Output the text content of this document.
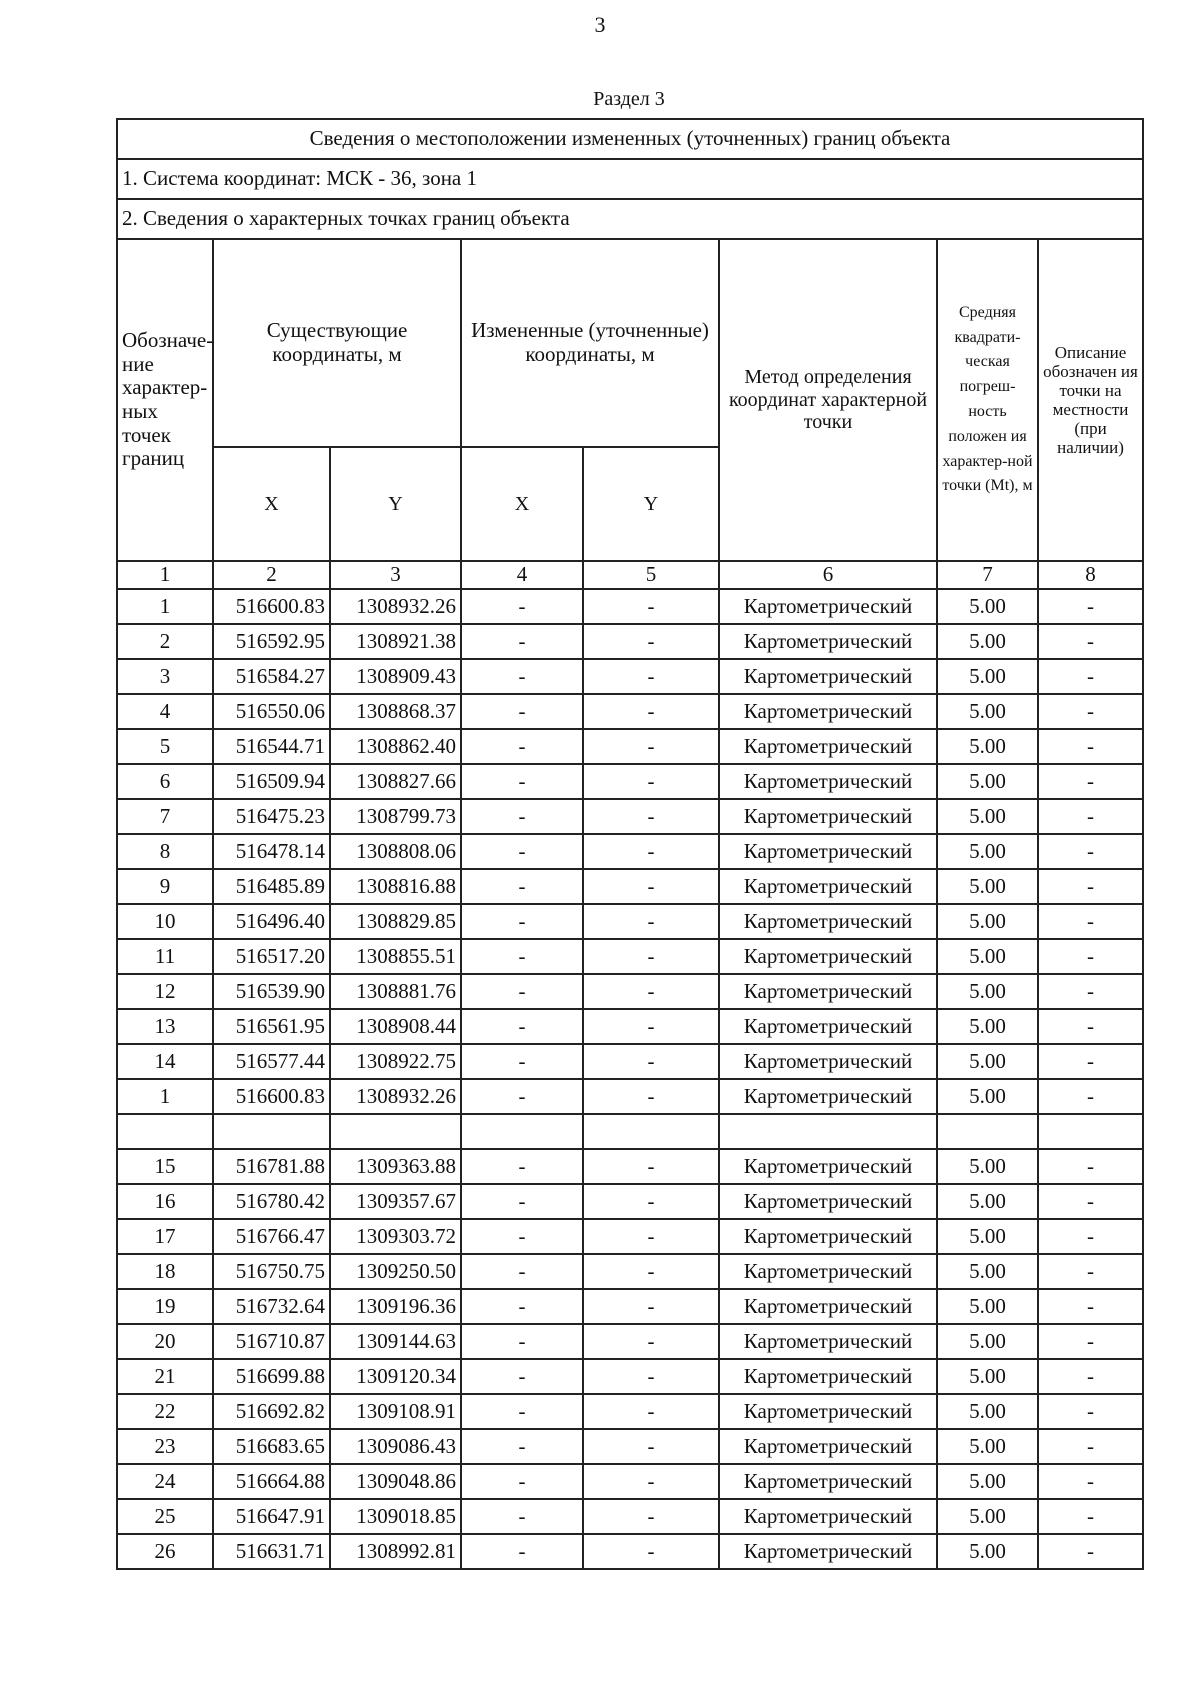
3
Раздел 3
Сведения о местоположении измененных (уточненных) границ объекта							
1. Система координат: МСК - 36, зона 1							
2. Сведения о характерных точках границ объекта							
Обозначе-ние характер-ных точек границ	Существующие координаты, м		Измененные (уточненные) координаты, м		Метод определения координат характерной точки	Средняя квадрати-ческая погреш-ность положен ия характер-ной точки (Mt), м	Описание обозначен ия точки на местности (при наличии)
	X	Y	X	Y			
1	2	3	4	5	6	7	8
1	516600.83	1308932.26	-	-	Картометрический	5.00	-
2	516592.95	1308921.38	-	-	Картометрический	5.00	-
3	516584.27	1308909.43	-	-	Картометрический	5.00	-
4	516550.06	1308868.37	-	-	Картометрический	5.00	-
5	516544.71	1308862.40	-	-	Картометрический	5.00	-
6	516509.94	1308827.66	-	-	Картометрический	5.00	-
7	516475.23	1308799.73	-	-	Картометрический	5.00	-
8	516478.14	1308808.06	-	-	Картометрический	5.00	-
9	516485.89	1308816.88	-	-	Картометрический	5.00	-
10	516496.40	1308829.85	-	-	Картометрический	5.00	-
11	516517.20	1308855.51	-	-	Картометрический	5.00	-
12	516539.90	1308881.76	-	-	Картометрический	5.00	-
13	516561.95	1308908.44	-	-	Картометрический	5.00	-
14	516577.44	1308922.75	-	-	Картометрический	5.00	-
1	516600.83	1308932.26	-	-	Картометрический	5.00	-

15	516781.88	1309363.88	-	-	Картометрический	5.00	-
16	516780.42	1309357.67	-	-	Картометрический	5.00	-
17	516766.47	1309303.72	-	-	Картометрический	5.00	-
18	516750.75	1309250.50	-	-	Картометрический	5.00	-
19	516732.64	1309196.36	-	-	Картометрический	5.00	-
20	516710.87	1309144.63	-	-	Картометрический	5.00	-
21	516699.88	1309120.34	-	-	Картометрический	5.00	-
22	516692.82	1309108.91	-	-	Картометрический	5.00	-
23	516683.65	1309086.43	-	-	Картометрический	5.00	-
24	516664.88	1309048.86	-	-	Картометрический	5.00	-
25	516647.91	1309018.85	-	-	Картометрический	5.00	-
26	516631.71	1308992.81	-	-	Картометрический	5.00	-
